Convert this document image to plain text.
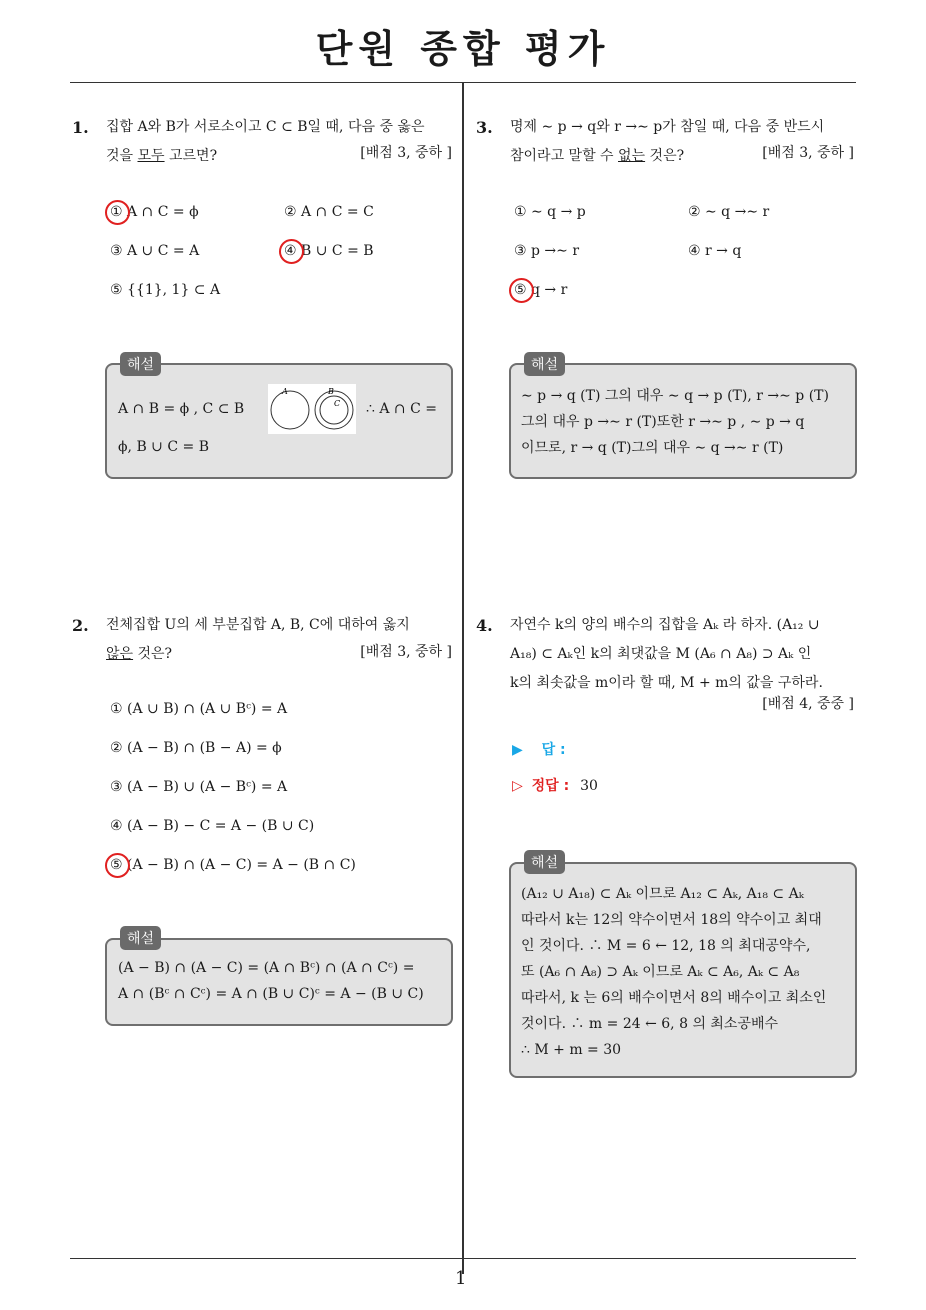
단원 종합 평가
1
1. 집합 A와 B가 서로소이고 C ⊂ B일 때, 다음 중 옳은
것을 모두 고르면?	[배점 3, 중하 ]
① A ∩ C = ϕ	② A ∩ C = C
③ A ∪ C = A	④ B ∪ C = B
⑤ {{1}, 1} ⊂ A
해설
A ∩ B = ϕ , C ⊂ B	∴ A ∩ C =
ϕ, B ∪ C = B
A	B
C
2. 전체집합 U의 세 부분집합 A, B, C에 대하여 옳지
않은 것은?	[배점 3, 중하 ]
① (A ∪ B) ∩ (A ∪ Bᶜ) = A
② (A − B) ∩ (B − A) = ϕ
③ (A − B) ∪ (A − Bᶜ) = A
④ (A − B) − C = A − (B ∪ C)
⑤ (A − B) ∩ (A − C) = A − (B ∩ C)
해설
(A − B) ∩ (A − C) = (A ∩ Bᶜ) ∩ (A ∩ Cᶜ) =
A ∩ (Bᶜ ∩ Cᶜ) = A ∩ (B ∪ C)ᶜ = A − (B ∪ C)
3. 명제 ∼ p → q와 r →∼ p가 참일 때, 다음 중 반드시
참이라고 말할 수 없는 것은?	[배점 3, 중하 ]
① ∼ q → p	② ∼ q →∼ r
③ p →∼ r	④ r → q
⑤ q → r
해설
∼ p → q (T) 그의 대우 ∼ q → p (T), r →∼ p (T)
그의 대우 p →∼ r (T)또한 r →∼ p , ∼ p → q
이므로, r → q (T)그의 대우 ∼ q →∼ r (T)
4. 자연수 k의 양의 배수의 집합을 Aₖ 라 하자. (A₁₂ ∪
A₁₈) ⊂ Aₖ인 k의 최댓값을 M (A₆ ∩ A₈) ⊃ Aₖ 인
k의 최솟값을 m이라 할 때, M + m의 값을 구하라.
[배점 4, 중중 ]
▶ 답 :
▷ 정답 : 30
해설
(A₁₂ ∪ A₁₈) ⊂ Aₖ 이므로 A₁₂ ⊂ Aₖ, A₁₈ ⊂ Aₖ
따라서 k는 12의 약수이면서 18의 약수이고 최대
인 것이다. ∴ M = 6 ← 12, 18 의 최대공약수,
또 (A₆ ∩ A₈) ⊃ Aₖ 이므로 Aₖ ⊂ A₆, Aₖ ⊂ A₈
따라서, k 는 6의 배수이면서 8의 배수이고 최소인
것이다. ∴ m = 24 ← 6, 8 의 최소공배수
∴ M + m = 30
